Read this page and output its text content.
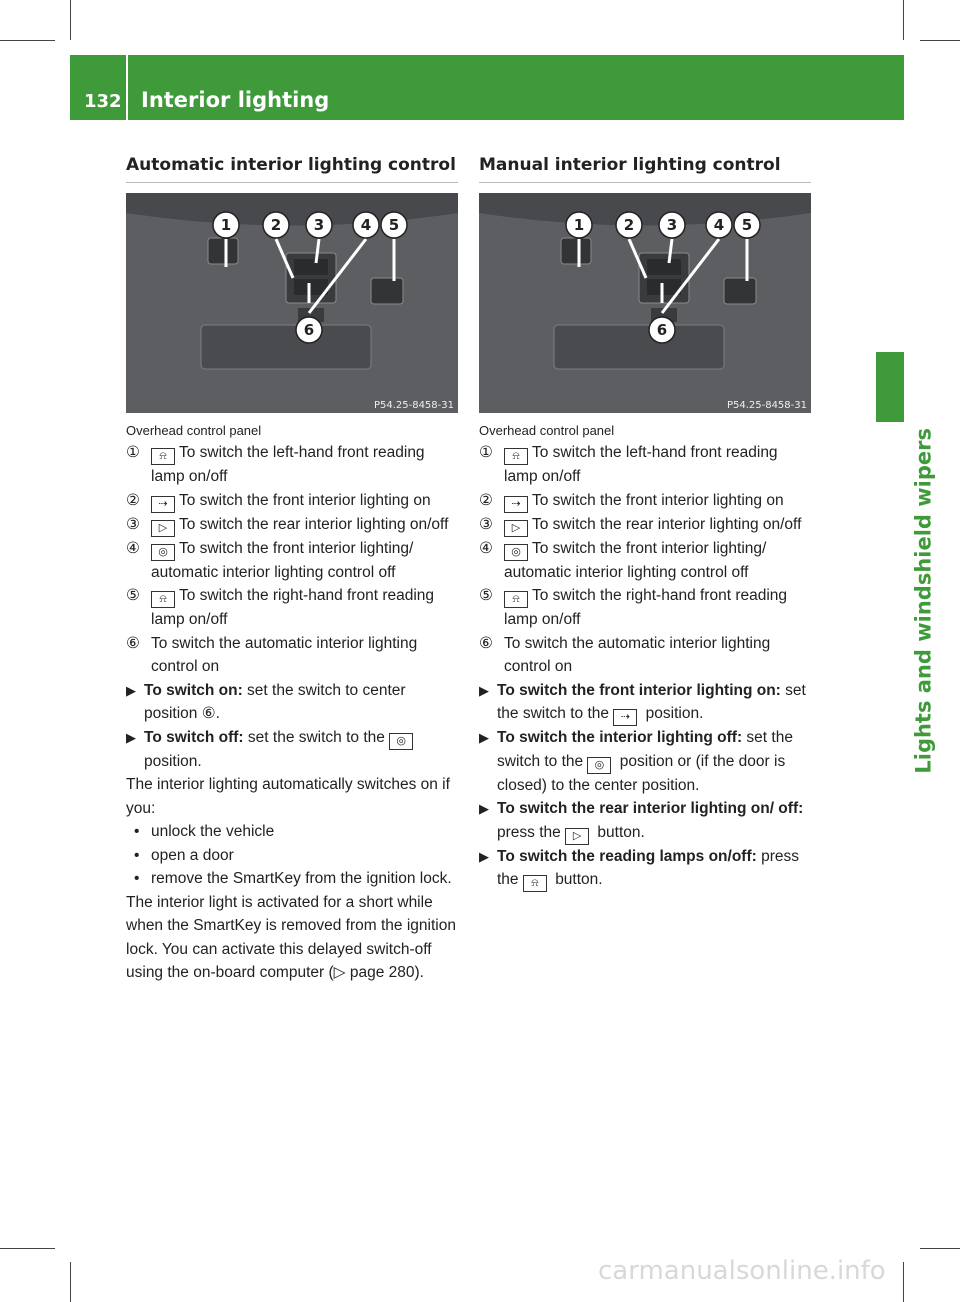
132 Interior lighting
Lights and windshield wipers
Automatic interior lighting control
1	2 3 4 5
6
P54.25-8458-31
Overhead control panel
① ⍾ To switch the left-hand front reading lamp on/off
② ⇢ To switch the front interior lighting on
③ ▷ To switch the rear interior lighting on/off
④ ◎ To switch the front interior lighting/ automatic interior lighting control off
⑤ ⍾ To switch the right-hand front reading lamp on/off
⑥ To switch the automatic interior lighting control on
▶ To switch on: set the switch to center position ⑥.
▶ To switch off: set the switch to the ◎
position.
The interior lighting automatically switches on if you:
• unlock the vehicle
• open a door
• remove the SmartKey from the ignition lock.
The interior light is activated for a short while when the SmartKey is removed from the ignition lock. You can activate this delayed switch-off using the on-board computer (▷ page 280).
Manual interior lighting control
1	2 3 4 5
6
P54.25-8458-31
Overhead control panel
① ⍾ To switch the left-hand front reading lamp on/off
② ⇢ To switch the front interior lighting on
③ ▷ To switch the rear interior lighting on/off
④ ◎ To switch the front interior lighting/ automatic interior lighting control off
⑤ ⍾ To switch the right-hand front reading lamp on/off
⑥ To switch the automatic interior lighting control on
▶ To switch the front interior lighting on: set the switch to the ⇢ position.
▶ To switch the interior lighting off: set the switch to the ◎ position or (if the door is closed) to the center position.
▶ To switch the rear interior lighting on/ off: press the ▷ button.
▶ To switch the reading lamps on/off: press the ⍾ button.
carmanualsonline.info
